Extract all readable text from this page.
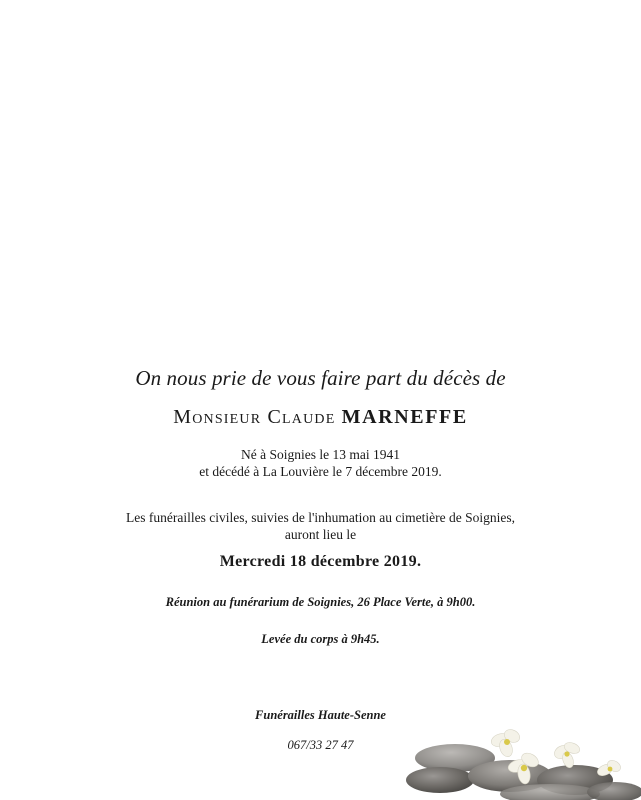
On nous prie de vous faire part du décès de
Monsieur Claude MARNEFFE
Né à Soignies le 13 mai 1941
et décédé à La Louvière le 7 décembre 2019.
Les funérailles civiles, suivies de l'inhumation au cimetière de Soignies,
auront lieu le
Mercredi 18 décembre 2019.
Réunion au funérarium de Soignies, 26 Place Verte, à 9h00.
Levée du corps à 9h45.
Funérailles Haute-Senne
067/33 27 47
